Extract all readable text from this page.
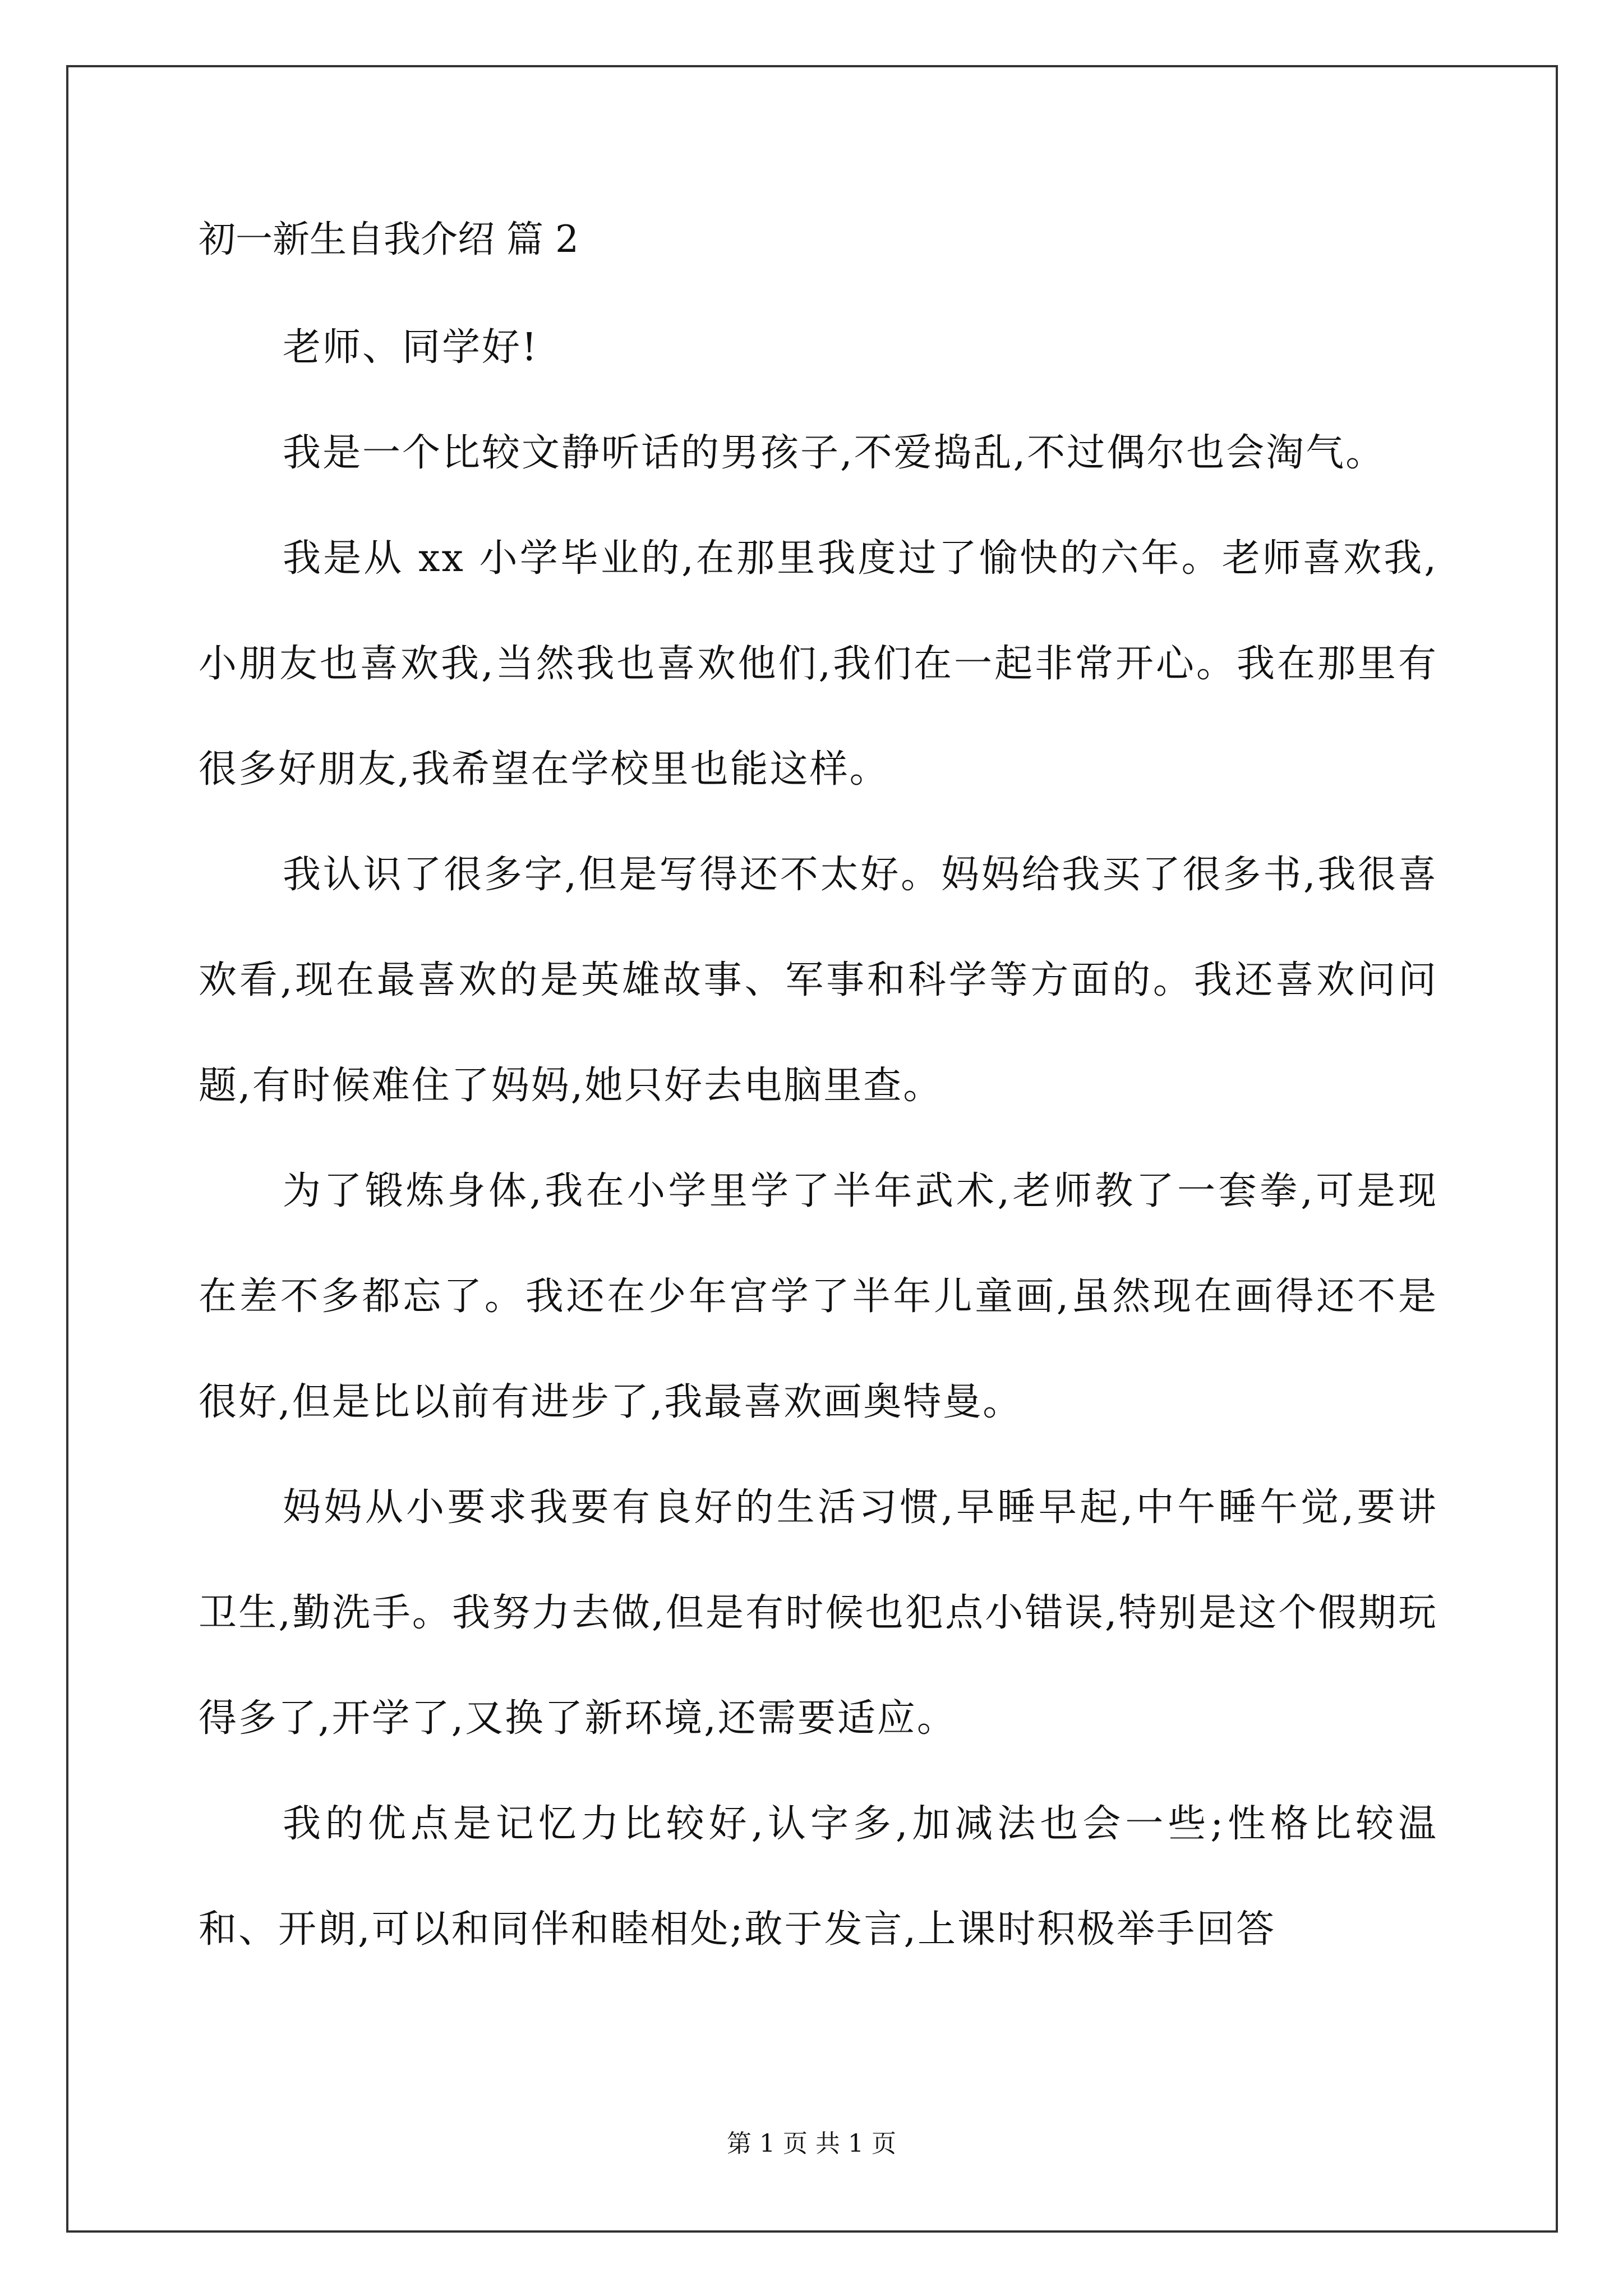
初一新生自我介绍 篇 2

老师、同学好!

我是一个比较文静听话的男孩子,不爱捣乱,不过偶尔也会淘气。

我是从 xx 小学毕业的,在那里我度过了愉快的六年。老师喜欢我,小朋友也喜欢我,当然我也喜欢他们,我们在一起非常开心。我在那里有很多好朋友,我希望在学校里也能这样。

我认识了很多字,但是写得还不太好。妈妈给我买了很多书,我很喜欢看,现在最喜欢的是英雄故事、军事和科学等方面的。我还喜欢问问题,有时候难住了妈妈,她只好去电脑里查。

为了锻炼身体,我在小学里学了半年武术,老师教了一套拳,可是现在差不多都忘了。我还在少年宫学了半年儿童画,虽然现在画得还不是很好,但是比以前有进步了,我最喜欢画奥特曼。

妈妈从小要求我要有良好的生活习惯,早睡早起,中午睡午觉,要讲卫生,勤洗手。我努力去做,但是有时候也犯点小错误,特别是这个假期玩得多了,开学了,又换了新环境,还需要适应。

我的优点是记忆力比较好,认字多,加减法也会一些;性格比较温和、开朗,可以和同伴和睦相处;敢于发言,上课时积极举手回答

第 1 页 共 1 页
